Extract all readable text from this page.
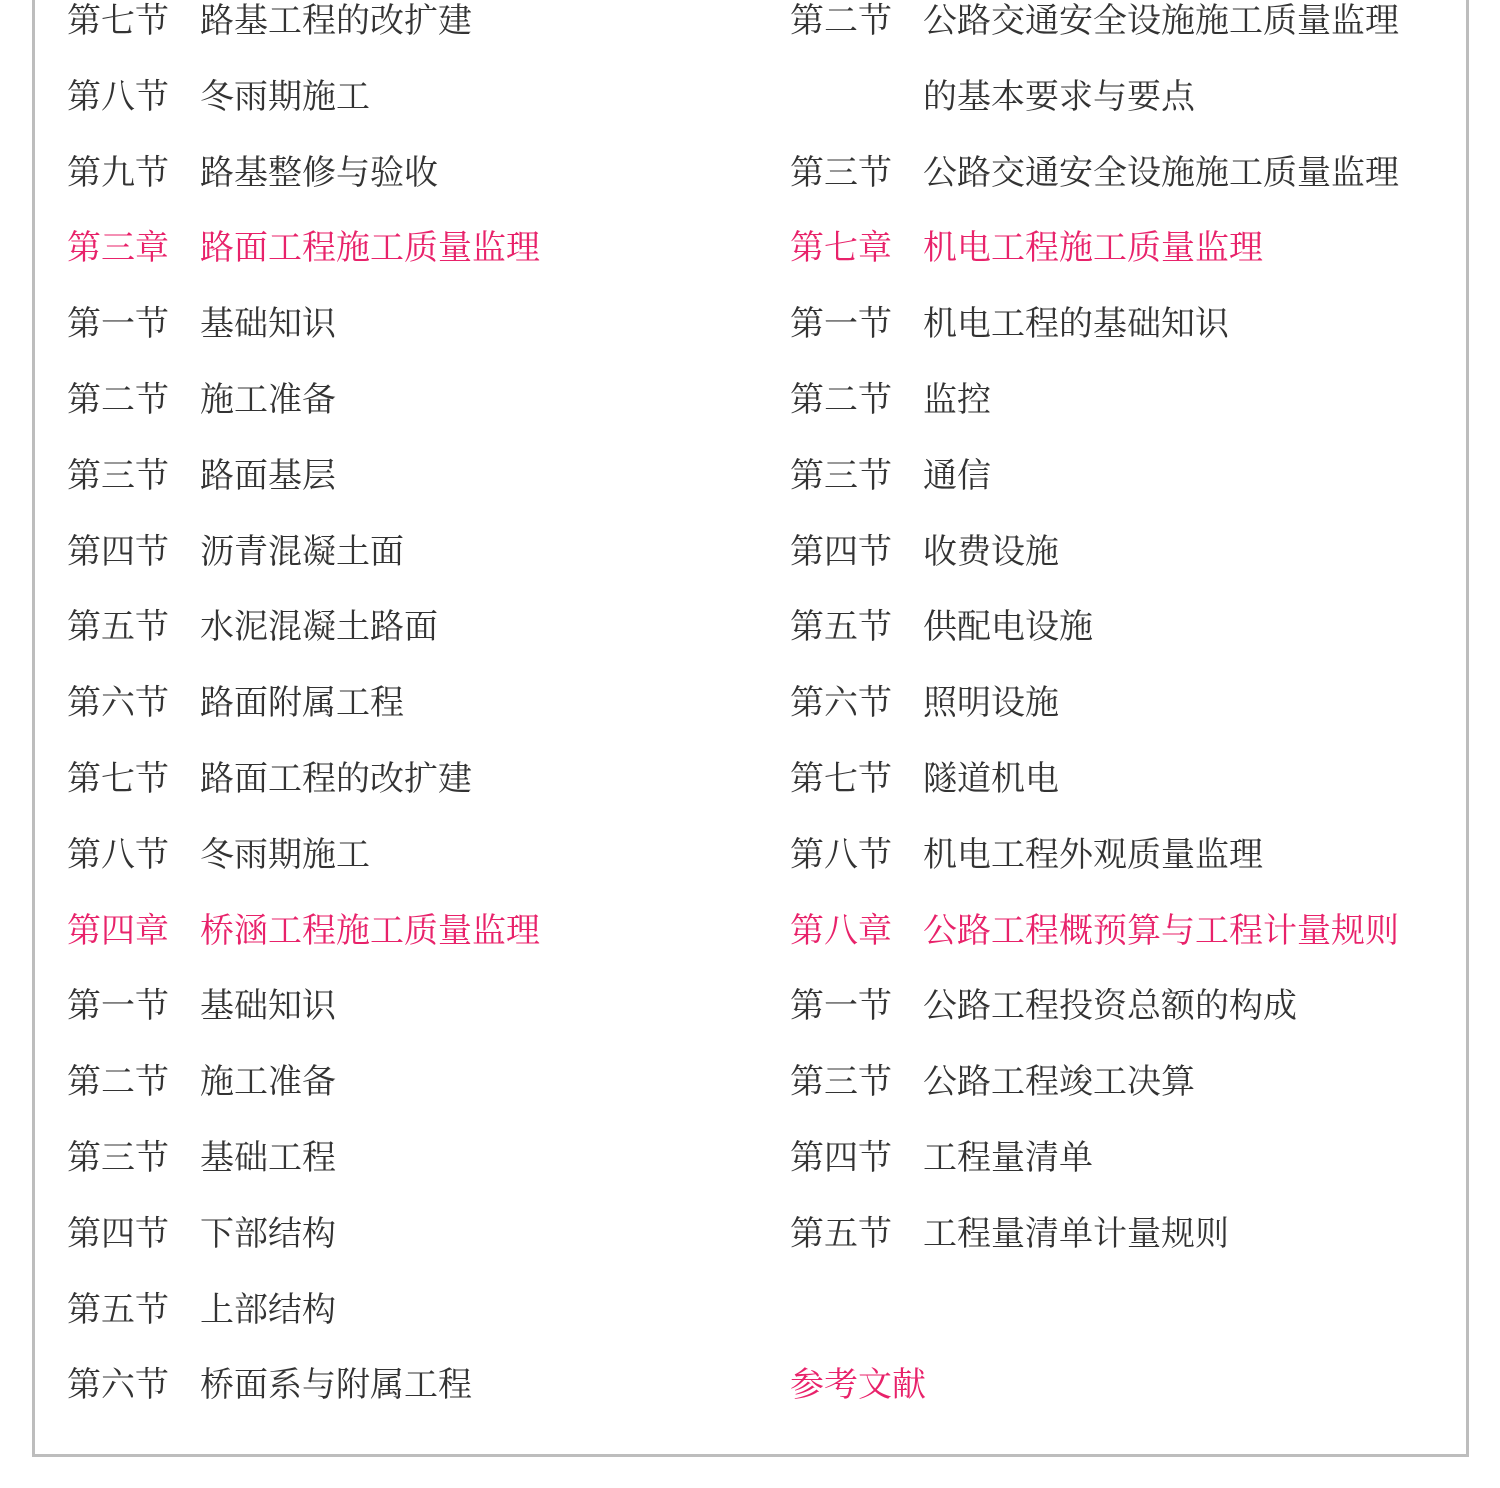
第七节 路基工程的改扩建
第八节 冬雨期施工
第九节 路基整修与验收
第三章 路面工程施工质量监理
第一节 基础知识
第二节 施工准备
第三节 路面基层
第四节 沥青混凝土面
第五节 水泥混凝土路面
第六节 路面附属工程
第七节 路面工程的改扩建
第八节 冬雨期施工
第四章 桥涵工程施工质量监理
第一节 基础知识
第二节 施工准备
第三节 基础工程
第四节 下部结构
第五节 上部结构
第六节 桥面系与附属工程
第二节 公路交通安全设施施工质量监理
的基本要求与要点
第三节 公路交通安全设施施工质量监理
第七章 机电工程施工质量监理
第一节 机电工程的基础知识
第二节 监控
第三节 通信
第四节 收费设施
第五节 供配电设施
第六节 照明设施
第七节 隧道机电
第八节 机电工程外观质量监理
第八章 公路工程概预算与工程计量规则
第一节 公路工程投资总额的构成
第三节 公路工程竣工决算
第四节 工程量清单
第五节 工程量清单计量规则
参考文献
